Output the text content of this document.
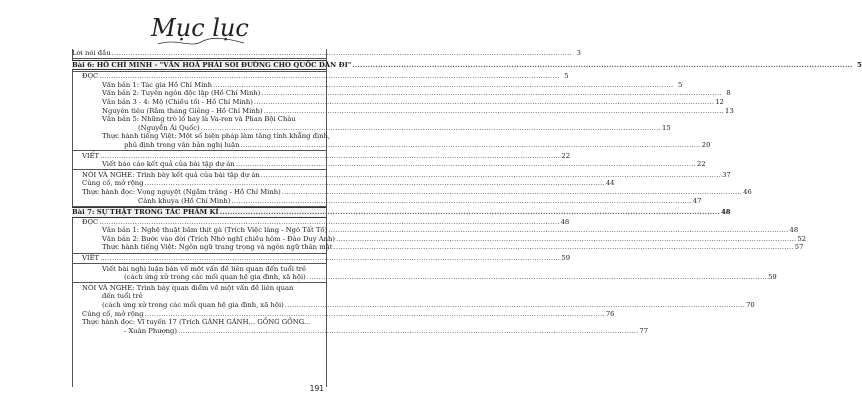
Mục lục
Lời nói đầu .....	3
Bài 6: HỒ CHÍ MINH - "VĂN HOÁ PHẢI SOI ĐƯỜNG CHO QUỐC DÂN ĐI" .....	5
ĐỌC .....	5
Văn bản 1: Tác gia Hồ Chí Minh .....	5
Văn bản 2: Tuyên ngôn độc lập (Hồ Chí Minh) .....	8
Văn bản 3 - 4: Mộ (Chiều tối - Hồ Chí Minh) .....	12
Nguyên tiêu (Rằm tháng Giêng - Hồ Chí Minh) .....	13
Văn bản 5: Những trò lố hay là Va-ren và Phan Bội Châu
(Nguyễn Ái Quốc) .....	15
Thực hành tiếng Việt: Một số biện pháp làm tăng tính khẳng định,
phủ định trong văn bản nghị luận .....	20
VIẾT .....	22
Viết báo cáo kết quả của bài tập dự án .....	22
NÓI VÀ NGHE: Trình bày kết quả của bài tập dự án .....	37
Củng cố, mở rộng .....	44
Thực hành đọc: Vọng nguyệt (Ngắm trăng - Hồ Chí Minh) .....	46
Cảnh khuya (Hồ Chí Minh) .....	47
Bài 7: SỰ THẬT TRONG TÁC PHẨM KÍ .....	48
ĐỌC .....	48
Văn bản 1: Nghệ thuật băm thịt gà (Trích Việc làng - Ngô Tất Tố) .....	48
Văn bản 2: Bước vào đời (Trích Nhớ nghĩ chiều hôm - Đào Duy Anh) .....	52
Thực hành tiếng Việt: Ngôn ngữ trang trọng và ngôn ngữ thân mật .....	57
VIẾT .....	59
Viết bài nghị luận bàn về một vấn đề liên quan đến tuổi trẻ
(cách ứng xử trong các mối quan hệ gia đình, xã hội) .....	59
NÓI VÀ NGHE: Trình bày quan điểm về một vấn đề liên quan
đến tuổi trẻ
(cách ứng xử trong các mối quan hệ gia đình, xã hội) .....	70
Củng cố, mở rộng .....	76
Thực hành đọc: Vĩ tuyến 17 (Trích GÁNH GÁNH... GỒNG GỒNG...
- Xuân Phượng) .....	77
191
